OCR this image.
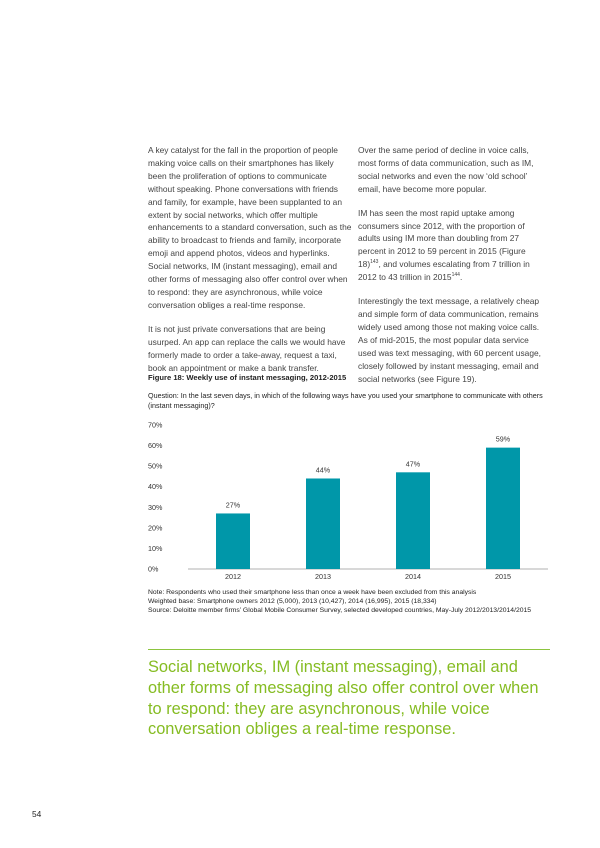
A key catalyst for the fall in the proportion of people making voice calls on their smartphones has likely been the proliferation of options to communicate without speaking. Phone conversations with friends and family, for example, have been supplanted to an extent by social networks, which offer multiple enhancements to a standard conversation, such as the ability to broadcast to friends and family, incorporate emoji and append photos, videos and hyperlinks. Social networks, IM (instant messaging), email and other forms of messaging also offer control over when to respond: they are asynchronous, while voice conversation obliges a real-time response.

It is not just private conversations that are being usurped. An app can replace the calls we would have formerly made to order a take-away, request a taxi, book an appointment or make a bank transfer.

Over the same period of decline in voice calls, most forms of data communication, such as IM, social networks and even the now ‘old school’ email, have become more popular.

IM has seen the most rapid uptake among consumers since 2012, with the proportion of adults using IM more than doubling from 27 percent in 2012 to 59 percent in 2015 (Figure 18)$^{143}$, and volumes escalating from 7 trillion in 2012 to 43 trillion in 2015$^{144}$.

Interestingly the text message, a relatively cheap and simple form of data communication, remains widely used among those not making voice calls. As of mid-2015, the most popular data service used was text messaging, with 60 percent usage, closely followed by instant messaging, email and social networks (see Figure 19).

Figure 18: Weekly use of instant messaging, 2012-2015
Question: In the last seven days, in which of the following ways have you used your smartphone to communicate with others (instant messaging)?
0%
10%
20%
30%
40%
50%
60%
70%
27%
44%
47%
59%
2012	2013	2014	2015
Note: Respondents who used their smartphone less than once a week have been excluded from this analysis
Weighted base: Smartphone owners 2012 (5,000), 2013 (10,427), 2014 (16,995), 2015 (18,334)
Source: Deloitte member firms’ Global Mobile Consumer Survey, selected developed countries, May-July 2012/2013/2014/2015
Social networks, IM (instant messaging), email and other forms of messaging also offer control over when to respond: they are asynchronous, while voice conversation obliges a real-time response.
54
